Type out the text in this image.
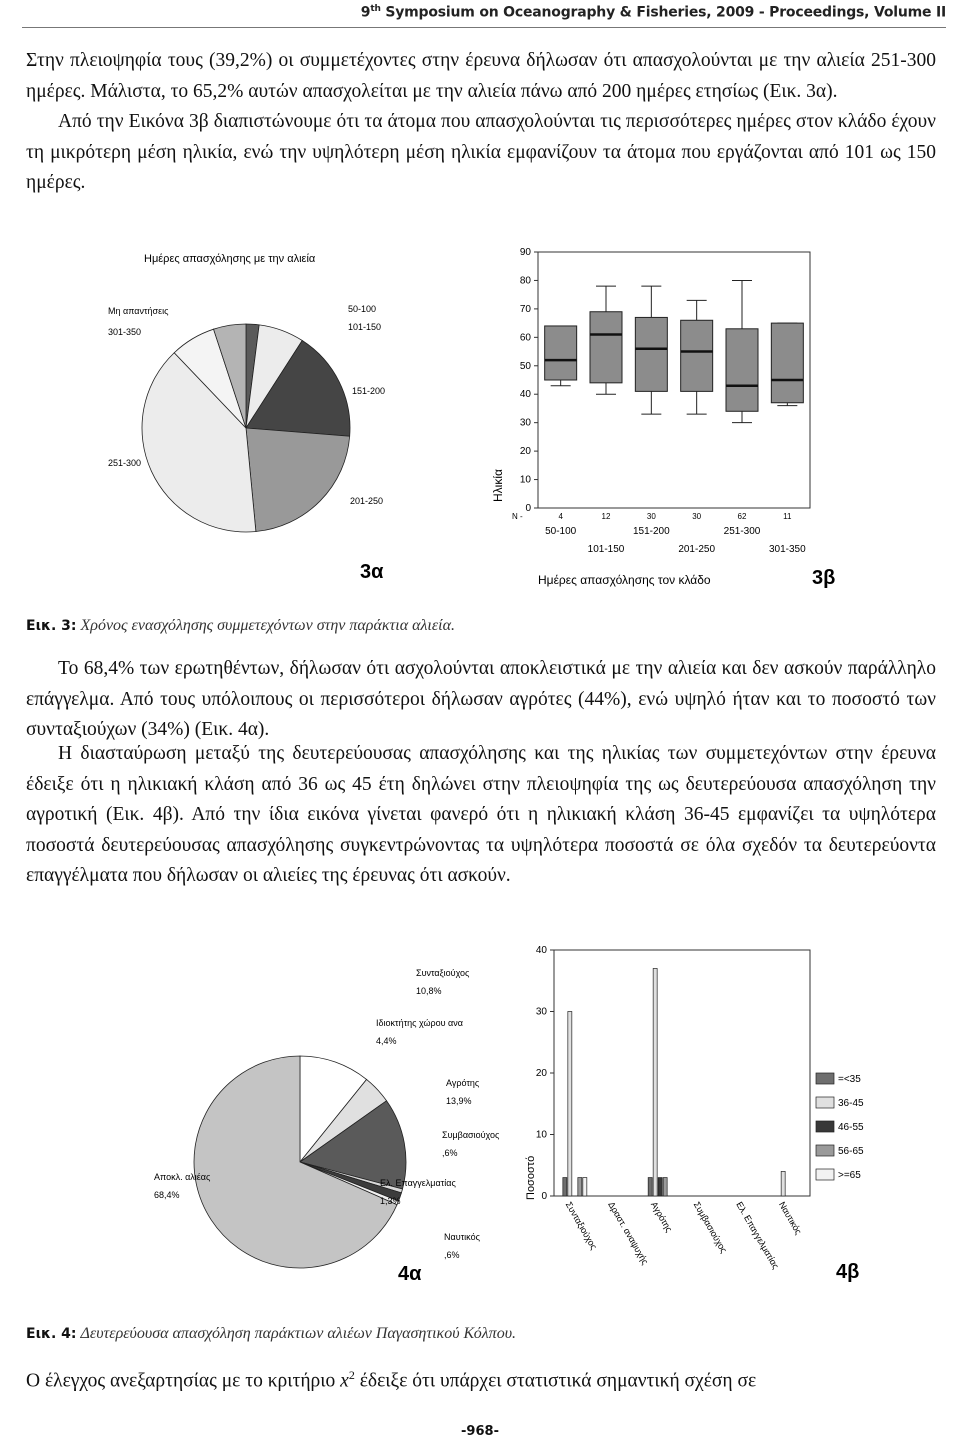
9th Symposium on Oceanography & Fisheries, 2009 - Proceedings, Volume II

Στην πλειοψηφία τους (39,2%) οι συμμετέχοντες στην έρευνα δήλωσαν ότι απασχολούνται με την αλιεία 251-300 ημέρες. Μάλιστα, το 65,2% αυτών απασχολείται με την αλιεία πάνω από 200 ημέρες ετησίως (Εικ. 3α).
Από την Εικόνα 3β διαπιστώνουμε ότι τα άτομα που απασχολούνται τις περισσότερες ημέρες στον κλάδο έχουν τη μικρότερη μέση ηλικία, ενώ την υψηλότερη μέση ηλικία εμφανίζουν τα άτομα που εργάζονται από 101 ως 150 ημέρες.

Ημέρες απασχόλησης με την αλιεία
50-100
101-150
151-200
201-250
251-300
301-350
Μη απαντήσεις
3α
0
10
20
30
40
50
60
70
80
90
N -	4	12	30	30	62	11
50-100	151-200	251-300
101-150	201-250	301-350
Ημέρες απασχόλησης τον κλάδο
Ηλικία
3β
Εικ. 3: Χρόνος ενασχόλησης συμμετεχόντων στην παράκτια αλιεία.

Το 68,4% των ερωτηθέντων, δήλωσαν ότι ασχολούνται αποκλειστικά με την αλιεία και δεν ασκούν παράλληλο επάγγελμα. Από τους υπόλοιπους οι περισσότεροι δήλωσαν αγρότες (44%), ενώ υψηλό ήταν και το ποσοστό των συνταξιούχων (34%) (Εικ. 4α).

Η διασταύρωση μεταξύ της δευτερεύουσας απασχόλησης και της ηλικίας των συμμετεχόντων στην έρευνα έδειξε ότι η ηλικιακή κλάση από 36 ως 45 έτη δηλώνει στην πλειοψηφία της ως δευτερεύουσα απασχόληση την αγροτική (Εικ. 4β). Από την ίδια εικόνα γίνεται φανερό ότι η ηλικιακή κλάση 36-45 εμφανίζει τα υψηλότερα ποσοστά δευτερεύουσας απασχόλησης συγκεντρώνοντας τα υψηλότερα ποσοστά σε όλα σχεδόν τα δευτερεύοντα επαγγέλματα που δήλωσαν οι αλιείες της έρευνας ότι ασκούν.

Συνταξιούχος
10,8%
Ιδιοκτήτης χώρου ανα
4,4%
Αγρότης
13,9%
Συμβασιούχος
,6%
Ελ. Επαγγελματίας
1,3%
Ναυτικός
,6%
Αποκλ. αλιέας
68,4%
4α
0
10
20
30
40
Συνταξιούχος Δραστ. αναψυχής
Αγρότης Συμβασιούχος Ελ. Επαγγελματίας
Ναυτικός
=<35
36-45
46-55
56-65
>=65
Ποσοστό
4β
Εικ. 4: Δευτερεύουσα απασχόληση παράκτιων αλιέων Παγασητικού Κόλπου.

Ο έλεγχος ανεξαρτησίας με το κριτήριο $x^2$ έδειξε ότι υπάρχει στατιστικά σημαντική σχέση σε

-968-
